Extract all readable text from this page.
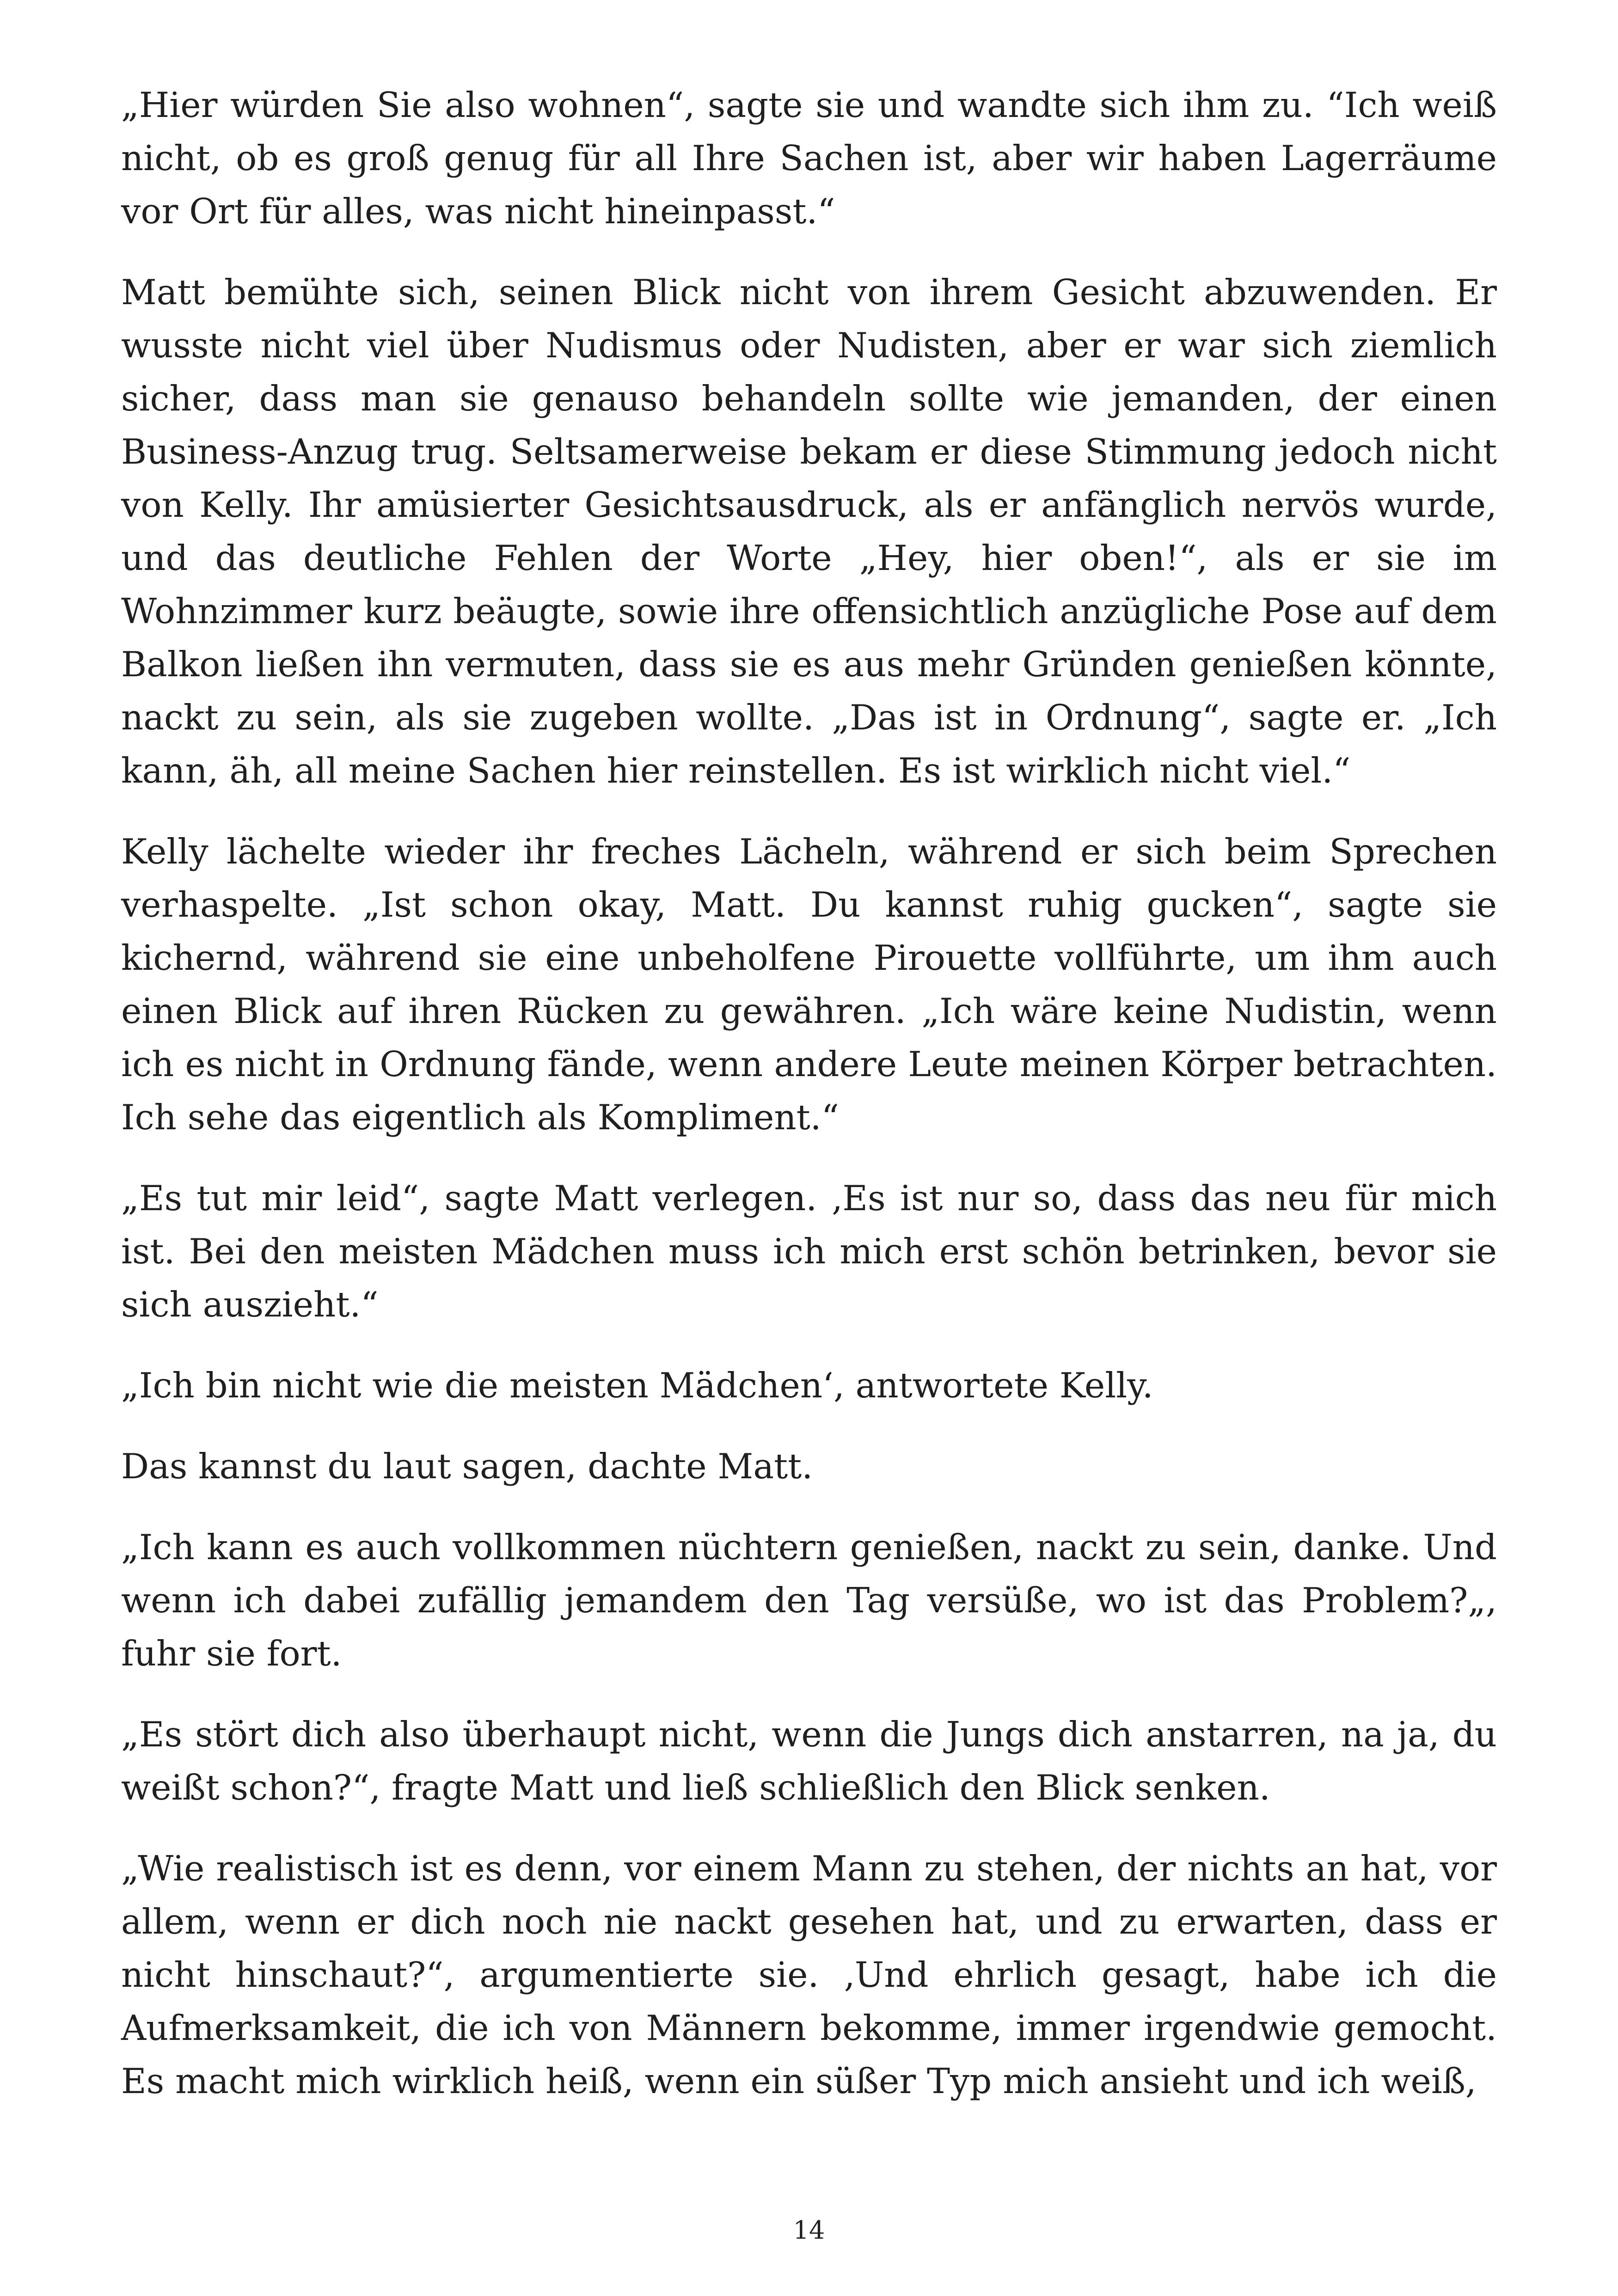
„Hier würden Sie also wohnen“, sagte sie und wandte sich ihm zu. “Ich weiß nicht, ob es groß genug für all Ihre Sachen ist, aber wir haben Lagerräume vor Ort für alles, was nicht hineinpasst.“

Matt bemühte sich, seinen Blick nicht von ihrem Gesicht abzuwenden. Er wusste nicht viel über Nudismus oder Nudisten, aber er war sich ziemlich sicher, dass man sie genauso behandeln sollte wie jemanden, der einen Business-Anzug trug. Seltsamerweise bekam er diese Stimmung jedoch nicht von Kelly. Ihr amüsierter Gesichtsausdruck, als er anfänglich nervös wurde, und das deutliche Fehlen der Worte „Hey, hier oben!“, als er sie im Wohnzimmer kurz beäugte, sowie ihre offensichtlich anzügliche Pose auf dem Balkon ließen ihn vermuten, dass sie es aus mehr Gründen genießen könnte, nackt zu sein, als sie zugeben wollte. „Das ist in Ordnung“, sagte er. „Ich kann, äh, all meine Sachen hier reinstellen. Es ist wirklich nicht viel.“

Kelly lächelte wieder ihr freches Lächeln, während er sich beim Sprechen verhaspelte. „Ist schon okay, Matt. Du kannst ruhig gucken“, sagte sie kichernd, während sie eine unbeholfene Pirouette vollführte, um ihm auch einen Blick auf ihren Rücken zu gewähren. „Ich wäre keine Nudistin, wenn ich es nicht in Ordnung fände, wenn andere Leute meinen Körper betrachten. Ich sehe das eigentlich als Kompliment.“

„Es tut mir leid“, sagte Matt verlegen. ‚Es ist nur so, dass das neu für mich ist. Bei den meisten Mädchen muss ich mich erst schön betrinken, bevor sie sich auszieht.“

„Ich bin nicht wie die meisten Mädchen‘, antwortete Kelly.

Das kannst du laut sagen, dachte Matt.

„Ich kann es auch vollkommen nüchtern genießen, nackt zu sein, danke. Und wenn ich dabei zufällig jemandem den Tag versüße, wo ist das Problem?„, fuhr sie fort.

„Es stört dich also überhaupt nicht, wenn die Jungs dich anstarren, na ja, du weißt schon?“, fragte Matt und ließ schließlich den Blick senken.

„Wie realistisch ist es denn, vor einem Mann zu stehen, der nichts an hat, vor allem, wenn er dich noch nie nackt gesehen hat, und zu erwarten, dass er nicht hinschaut?“, argumentierte sie. ‚Und ehrlich gesagt, habe ich die Aufmerksamkeit, die ich von Männern bekomme, immer irgendwie gemocht. Es macht mich wirklich heiß, wenn ein süßer Typ mich ansieht und ich weiß,

14
